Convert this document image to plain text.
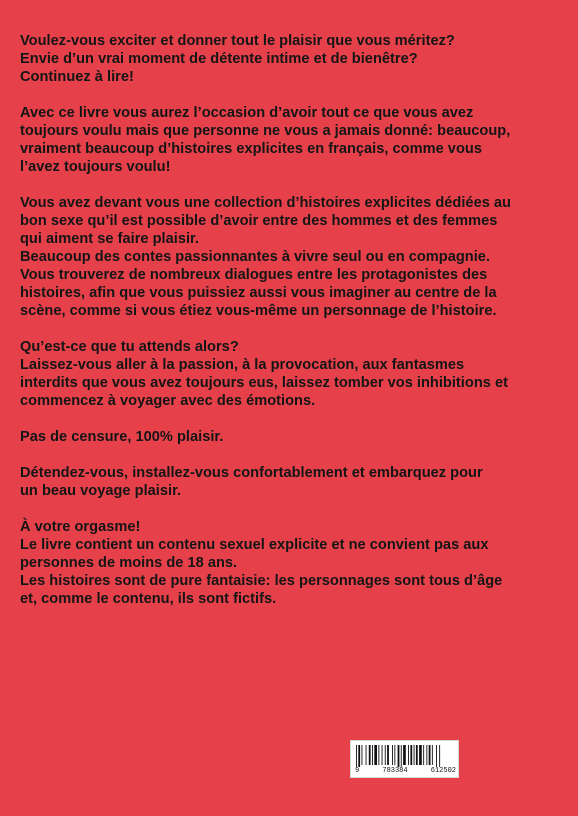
Voulez-vous exciter et donner tout le plaisir que vous méritez?
Envie d’un vrai moment de détente intime et de bienêtre?
Continuez à lire!

Avec ce livre vous aurez l’occasion d’avoir tout ce que vous avez
toujours voulu mais que personne ne vous a jamais donné: beaucoup,
vraiment beaucoup d’histoires explicites en français, comme vous
l’avez toujours voulu!

Vous avez devant vous une collection d’histoires explicites dédiées au
bon sexe qu’il est possible d’avoir entre des hommes et des femmes
qui aiment se faire plaisir.
Beaucoup des contes passionnantes à vivre seul ou en compagnie.
Vous trouverez de nombreux dialogues entre les protagonistes des
histoires, afin que vous puissiez aussi vous imaginer au centre de la
scène, comme si vous étiez vous-même un personnage de l’histoire.

Qu’est-ce que tu attends alors?
Laissez-vous aller à la passion, à la provocation, aux fantasmes
interdits que vous avez toujours eus, laissez tomber vos inhibitions et
commencez à voyager avec des émotions.

Pas de censure, 100% plaisir.

Détendez-vous, installez-vous confortablement et embarquez pour
un beau voyage plaisir.

À votre orgasme!
Le livre contient un contenu sexuel explicite et ne convient pas aux
personnes de moins de 18 ans.
Les histoires sont de pure fantaisie: les personnages sont tous d’âge
et, comme le contenu, ils sont fictifs.

9	783384	612502
